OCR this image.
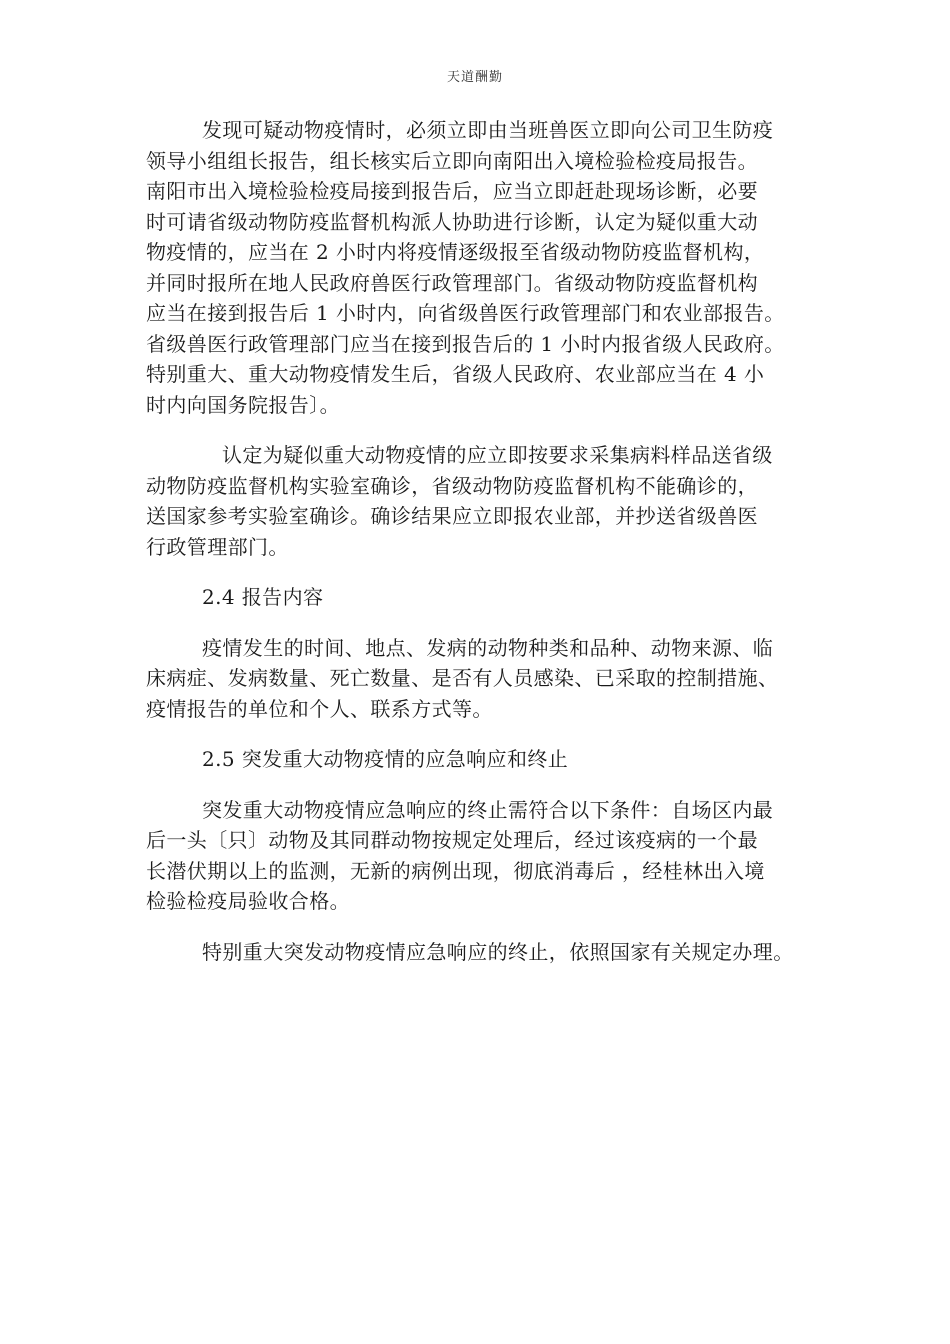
天道酬勤
发现可疑动物疫情时，必须立即由当班兽医立即向公司卫生防疫
领导小组组长报告，组长核实后立即向南阳出入境检验检疫局报告。
南阳市出入境检验检疫局接到报告后，应当立即赶赴现场诊断，必要
时可请省级动物防疫监督机构派人协助进行诊断，认定为疑似重大动
物疫情的，应当在 2 小时内将疫情逐级报至省级动物防疫监督机构，
并同时报所在地人民政府兽医行政管理部门。省级动物防疫监督机构
应当在接到报告后 1 小时内，向省级兽医行政管理部门和农业部报告。
省级兽医行政管理部门应当在接到报告后的 1 小时内报省级人民政府。
特别重大、重大动物疫情发生后，省级人民政府、农业部应当在 4 小
时内向国务院报告〕。
认定为疑似重大动物疫情的应立即按要求采集病料样品送省级
动物防疫监督机构实验室确诊，省级动物防疫监督机构不能确诊的，
送国家参考实验室确诊。确诊结果应立即报农业部，并抄送省级兽医
行政管理部门。
2.4 报告内容
疫情发生的时间、地点、发病的动物种类和品种、动物来源、临
床病症、发病数量、死亡数量、是否有人员感染、已采取的控制措施、
疫情报告的单位和个人、联系方式等。
2.5 突发重大动物疫情的应急响应和终止
突发重大动物疫情应急响应的终止需符合以下条件：自场区内最
后一头〔只〕动物及其同群动物按规定处理后，经过该疫病的一个最
长潜伏期以上的监测，无新的病例出现，彻底消毒后 ，经桂林出入境
检验检疫局验收合格。
特别重大突发动物疫情应急响应的终止，依照国家有关规定办理。
